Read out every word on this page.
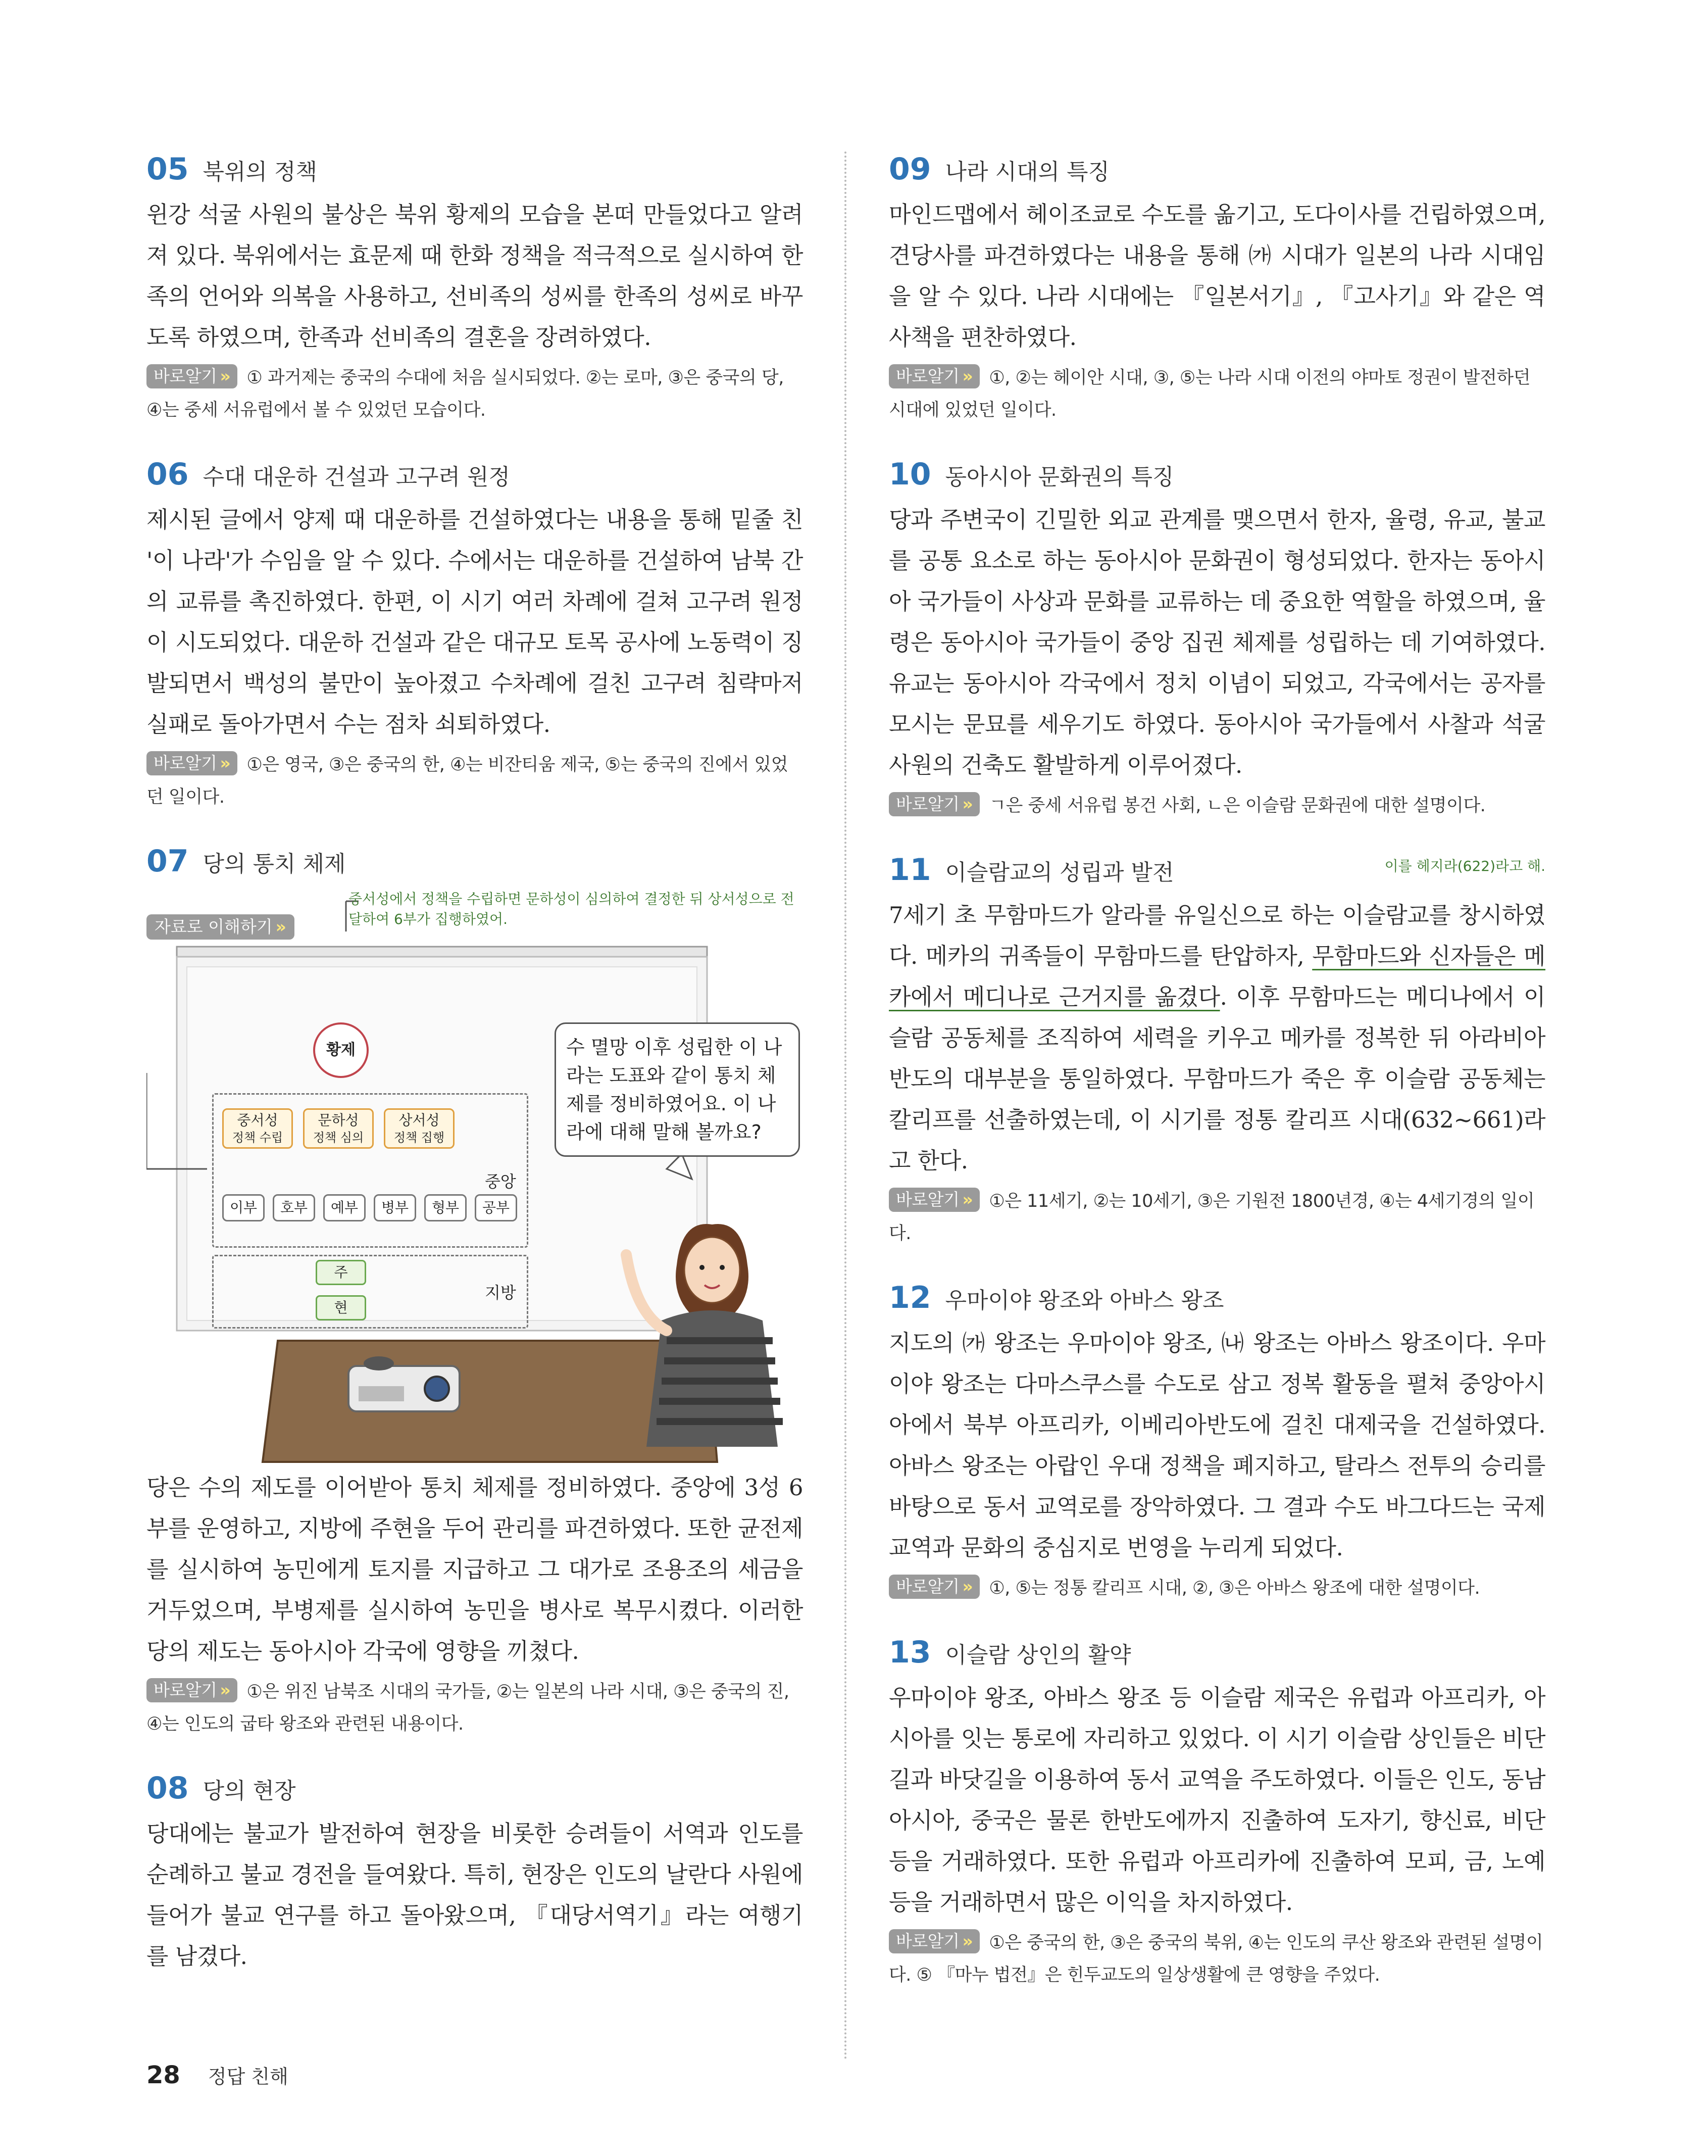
05 북위의 정책

윈강 석굴 사원의 불상은 북위 황제의 모습을 본떠 만들었다고 알려져 있다. 북위에서는 효문제 때 한화 정책을 적극적으로 실시하여 한족의 언어와 의복을 사용하고, 선비족의 성씨를 한족의 성씨로 바꾸도록 하였으며, 한족과 선비족의 결혼을 장려하였다.

바로알기 » ① 과거제는 중국의 수대에 처음 실시되었다. ②는 로마, ③은 중국의 당, ④는 중세 서유럽에서 볼 수 있었던 모습이다.

06 수대 대운하 건설과 고구려 원정

제시된 글에서 양제 때 대운하를 건설하였다는 내용을 통해 밑줄 친 '이 나라'가 수임을 알 수 있다. 수에서는 대운하를 건설하여 남북 간의 교류를 촉진하였다. 한편, 이 시기 여러 차례에 걸쳐 고구려 원정이 시도되었다. 대운하 건설과 같은 대규모 토목 공사에 노동력이 징발되면서 백성의 불만이 높아졌고 수차례에 걸친 고구려 침략마저 실패로 돌아가면서 수는 점차 쇠퇴하였다.

바로알기 » ①은 영국, ③은 중국의 한, ④는 비잔티움 제국, ⑤는 중국의 진에서 있었던 일이다.

07 당의 통치 체제
중서성에서 정책을 수립하면 문하성이 심의하여 결정한 뒤 상서성으로 전달하여 6부가 집행하였어.
자료로 이해하기 »
황제
중서성
정책 수립
문하성
정책 심의
상서성
정책 집행
이부	호부	예부	병부	형부	공부
중앙
주
현
지방
수 멸망 이후 성립한 이 나라는 도표와 같이 통치 체제를 정비하였어요. 이 나라에 대해 말해 볼까요?

당은 수의 제도를 이어받아 통치 체제를 정비하였다. 중앙에 3성 6부를 운영하고, 지방에 주현을 두어 관리를 파견하였다. 또한 균전제를 실시하여 농민에게 토지를 지급하고 그 대가로 조용조의 세금을 거두었으며, 부병제를 실시하여 농민을 병사로 복무시켰다. 이러한 당의 제도는 동아시아 각국에 영향을 끼쳤다.

바로알기 » ①은 위진 남북조 시대의 국가들, ②는 일본의 나라 시대, ③은 중국의 진, ④는 인도의 굽타 왕조와 관련된 내용이다.

08 당의 현장

당대에는 불교가 발전하여 현장을 비롯한 승려들이 서역과 인도를 순례하고 불교 경전을 들여왔다. 특히, 현장은 인도의 날란다 사원에 들어가 불교 연구를 하고 돌아왔으며, 『대당서역기』라는 여행기를 남겼다.

09 나라 시대의 특징

마인드맵에서 헤이조쿄로 수도를 옮기고, 도다이사를 건립하였으며, 견당사를 파견하였다는 내용을 통해 ㈎ 시대가 일본의 나라 시대임을 알 수 있다. 나라 시대에는 『일본서기』, 『고사기』와 같은 역사책을 편찬하였다.

바로알기 » ①, ②는 헤이안 시대, ③, ⑤는 나라 시대 이전의 야마토 정권이 발전하던 시대에 있었던 일이다.

10 동아시아 문화권의 특징

당과 주변국이 긴밀한 외교 관계를 맺으면서 한자, 율령, 유교, 불교를 공통 요소로 하는 동아시아 문화권이 형성되었다. 한자는 동아시아 국가들이 사상과 문화를 교류하는 데 중요한 역할을 하였으며, 율령은 동아시아 국가들이 중앙 집권 체제를 성립하는 데 기여하였다. 유교는 동아시아 각국에서 정치 이념이 되었고, 각국에서는 공자를 모시는 문묘를 세우기도 하였다. 동아시아 국가들에서 사찰과 석굴 사원의 건축도 활발하게 이루어졌다.

바로알기 » ㄱ은 중세 서유럽 봉건 사회, ㄴ은 이슬람 문화권에 대한 설명이다.

이를 헤지라(622)라고 해.
11 이슬람교의 성립과 발전

7세기 초 무함마드가 알라를 유일신으로 하는 이슬람교를 창시하였다. 메카의 귀족들이 무함마드를 탄압하자, 무함마드와 신자들은 메카에서 메디나로 근거지를 옮겼다. 이후 무함마드는 메디나에서 이슬람 공동체를 조직하여 세력을 키우고 메카를 정복한 뒤 아라비아반도의 대부분을 통일하였다. 무함마드가 죽은 후 이슬람 공동체는 칼리프를 선출하였는데, 이 시기를 정통 칼리프 시대(632~661)라고 한다.

바로알기 » ①은 11세기, ②는 10세기, ③은 기원전 1800년경, ④는 4세기경의 일이다.

12 우마이야 왕조와 아바스 왕조

지도의 ㈎ 왕조는 우마이야 왕조, ㈏ 왕조는 아바스 왕조이다. 우마이야 왕조는 다마스쿠스를 수도로 삼고 정복 활동을 펼쳐 중앙아시아에서 북부 아프리카, 이베리아반도에 걸친 대제국을 건설하였다. 아바스 왕조는 아랍인 우대 정책을 폐지하고, 탈라스 전투의 승리를 바탕으로 동서 교역로를 장악하였다. 그 결과 수도 바그다드는 국제 교역과 문화의 중심지로 번영을 누리게 되었다.

바로알기 » ①, ⑤는 정통 칼리프 시대, ②, ③은 아바스 왕조에 대한 설명이다.

13 이슬람 상인의 활약

우마이야 왕조, 아바스 왕조 등 이슬람 제국은 유럽과 아프리카, 아시아를 잇는 통로에 자리하고 있었다. 이 시기 이슬람 상인들은 비단길과 바닷길을 이용하여 동서 교역을 주도하였다. 이들은 인도, 동남아시아, 중국은 물론 한반도에까지 진출하여 도자기, 향신료, 비단 등을 거래하였다. 또한 유럽과 아프리카에 진출하여 모피, 금, 노예 등을 거래하면서 많은 이익을 차지하였다.

바로알기 » ①은 중국의 한, ③은 중국의 북위, ④는 인도의 쿠산 왕조와 관련된 설명이다. ⑤ 『마누 법전』은 힌두교도의 일상생활에 큰 영향을 주었다.

28 정답 친해
